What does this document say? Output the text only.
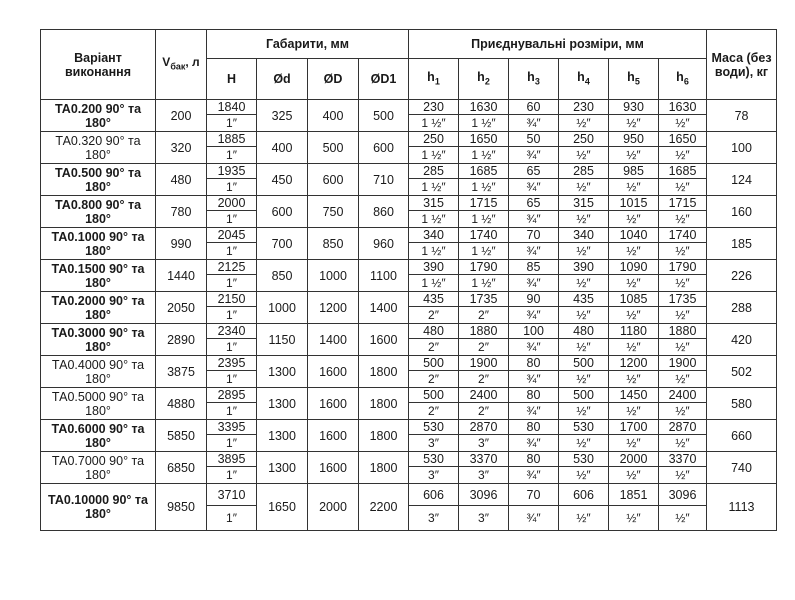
Варіант виконання	$V_{бак}$, л	Габарити, мм				Приєднувальні розміри, мм						Маса (без води), кг
		H	Ød	ØD	ØD1	$h_1$	$h_2$	$h_3$	$h_4$	$h_5$	$h_6$
ТА0.200 90° та 180°	200	1840	325	400	500	230	1630	60	230	930	1630	78
		1″				1 ½″	1 ½″	¾″	½″	½″	½″	
ТА0.320 90° та 180°	320	1885	400	500	600	250	1650	50	250	950	1650	100
		1″				1 ½″	1 ½″	¾″	½″	½″	½″	
ТА0.500 90° та 180°	480	1935	450	600	710	285	1685	65	285	985	1685	124
		1″				1 ½″	1 ½″	¾″	½″	½″	½″	
ТА0.800 90° та 180°	780	2000	600	750	860	315	1715	65	315	1015	1715	160
		1″				1 ½″	1 ½″	¾″	½″	½″	½″	
ТА0.1000 90° та 180°	990	2045	700	850	960	340	1740	70	340	1040	1740	185
		1″				1 ½″	1 ½″	¾″	½″	½″	½″	
ТА0.1500 90° та 180°	1440	2125	850	1000	1100	390	1790	85	390	1090	1790	226
		1″				1 ½″	1 ½″	¾″	½″	½″	½″	
ТА0.2000 90° та 180°	2050	2150	1000	1200	1400	435	1735	90	435	1085	1735	288
		1″				2″	2″	¾″	½″	½″	½″	
ТА0.3000 90° та 180°	2890	2340	1150	1400	1600	480	1880	100	480	1180	1880	420
		1″				2″	2″	¾″	½″	½″	½″	
ТА0.4000 90° та 180°	3875	2395	1300	1600	1800	500	1900	80	500	1200	1900	502
		1″				2″	2″	¾″	½″	½″	½″	
ТА0.5000 90° та 180°	4880	2895	1300	1600	1800	500	2400	80	500	1450	2400	580
		1″				2″	2″	¾″	½″	½″	½″	
ТА0.6000 90° та 180°	5850	3395	1300	1600	1800	530	2870	80	530	1700	2870	660
		1″				3″	3″	¾″	½″	½″	½″	
ТА0.7000 90° та 180°	6850	3895	1300	1600	1800	530	3370	80	530	2000	3370	740
		1″				3″	3″	¾″	½″	½″	½″	
ТА0.10000 90° та 180°	9850	3710	1650	2000	2200	606	3096	70	606	1851	3096	1113
		1″				3″	3″	¾″	½″	½″	½″	
